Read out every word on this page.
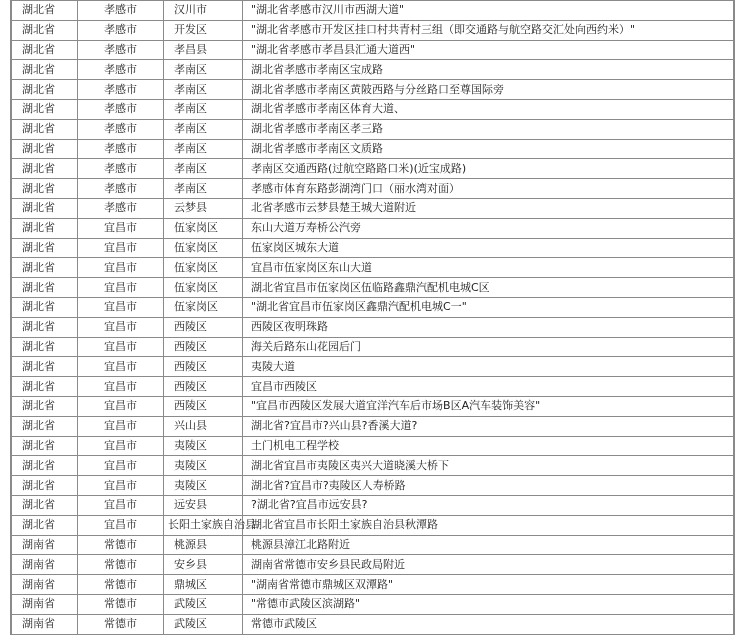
湖北省	孝感市	汉川市	"湖北省孝感市汉川市西湖大道"
湖北省	孝感市	开发区	"湖北省孝感市开发区挂口村共青村三组（即交通路与航空路交汇处向西约米）"
湖北省	孝感市	孝昌县	"湖北省孝感市孝昌县汇通大道西"
湖北省	孝感市	孝南区	湖北省孝感市孝南区宝成路
湖北省	孝感市	孝南区	湖北省孝感市孝南区黄陂西路与分丝路口至尊国际旁
湖北省	孝感市	孝南区	湖北省孝感市孝南区体育大道、
湖北省	孝感市	孝南区	湖北省孝感市孝南区孝三路
湖北省	孝感市	孝南区	湖北省孝感市孝南区文质路
湖北省	孝感市	孝南区	孝南区交通西路(过航空路路口米)(近宝成路)
湖北省	孝感市	孝南区	孝感市体育东路彭湖湾门口（丽水湾对面）
湖北省	孝感市	云梦县	北省孝感市云梦县楚王城大道附近
湖北省	宜昌市	伍家岗区	东山大道万寿桥公汽旁
湖北省	宜昌市	伍家岗区	伍家岗区城东大道
湖北省	宜昌市	伍家岗区	宜昌市伍家岗区东山大道
湖北省	宜昌市	伍家岗区	湖北省宜昌市伍家岗区伍临路鑫鼎汽配机电城C区
湖北省	宜昌市	伍家岗区	"湖北省宜昌市伍家岗区鑫鼎汽配机电城C一"
湖北省	宜昌市	西陵区	西陵区夜明珠路
湖北省	宜昌市	西陵区	海关后路东山花园后门
湖北省	宜昌市	西陵区	夷陵大道
湖北省	宜昌市	西陵区	宜昌市西陵区
湖北省	宜昌市	西陵区	"宜昌市西陵区发展大道宜洋汽车后市场B区A汽车装饰美容"
湖北省	宜昌市	兴山县	湖北省?宜昌市?兴山县?香溪大道?
湖北省	宜昌市	夷陵区	土门机电工程学校
湖北省	宜昌市	夷陵区	湖北省宜昌市夷陵区夷兴大道晓溪大桥下
湖北省	宜昌市	夷陵区	湖北省?宜昌市?夷陵区人寿桥路
湖北省	宜昌市	远安县	?湖北省?宜昌市远安县?
湖北省	宜昌市	长阳土家族自治县	湖北省宜昌市长阳土家族自治县秋潭路
湖南省	常德市	桃源县	桃源县漳江北路附近
湖南省	常德市	安乡县	湖南省常德市安乡县民政局附近
湖南省	常德市	鼎城区	"湖南省常德市鼎城区双潭路"
湖南省	常德市	武陵区	"常德市武陵区滨湖路"
湖南省	常德市	武陵区	常德市武陵区
